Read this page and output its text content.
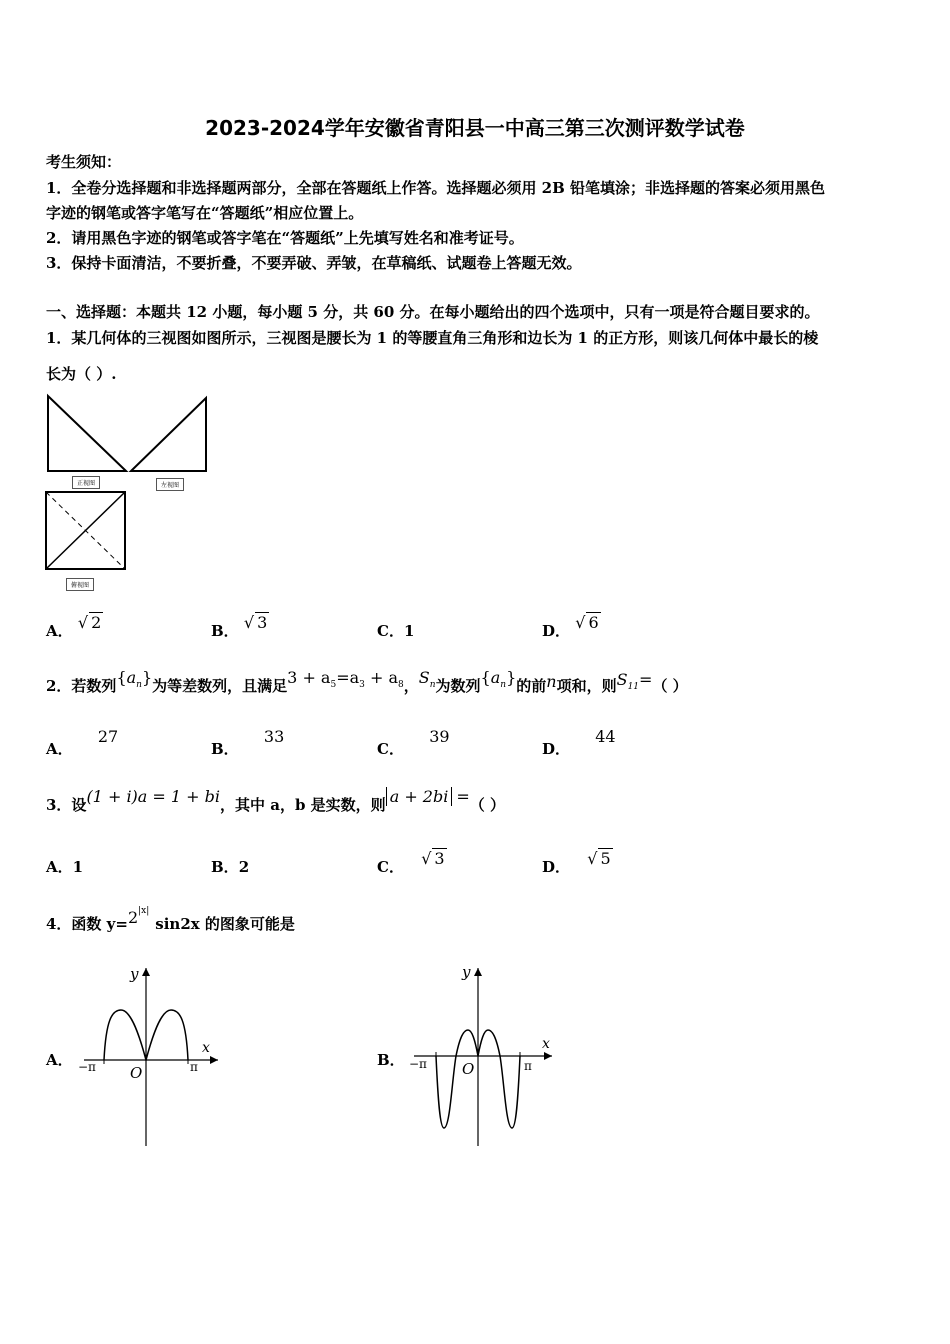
2023-2024学年安徽省青阳县一中高三第三次测评数学试卷
考生须知：
1．全卷分选择题和非选择题两部分，全部在答题纸上作答。选择题必须用 2B 铅笔填涂；非选择题的答案必须用黑色
字迹的钢笔或答字笔写在“答题纸”相应位置上。
2．请用黑色字迹的钢笔或答字笔在“答题纸”上先填写姓名和准考证号。
3．保持卡面清洁，不要折叠，不要弄破、弄皱，在草稿纸、试题卷上答题无效。
一、选择题：本题共 12 小题，每小题 5 分，共 60 分。在每小题给出的四个选项中，只有一项是符合题目要求的。
1．某几何体的三视图如图所示，三视图是腰长为 1 的等腰直角三角形和边长为 1 的正方形，则该几何体中最长的棱
长为（ ）.
正视图	左视图
俯视图
A． √ 2	B． √ 3	C．1	D． √ 6
2．若数列$\{a_n\}$为等差数列，且满足$3 + a_5=a_3 + a_8$，$S_n$为数列$\{a_n\}$的前n项和，则$S_{11}=$（ ）
A． 27
B． 33
C． 39
D． 44
3．设(1 + i)a = 1 + bi，其中 a，b 是实数，则 a + 2bi =（ ）
A．1	B．2	C． √ 3	D． √ 5
4．函数 $y=2^{|x|}\sin 2x$ 的图象可能是
A．
y
x
O
−π	π	B．
y
x
O
−π	π
